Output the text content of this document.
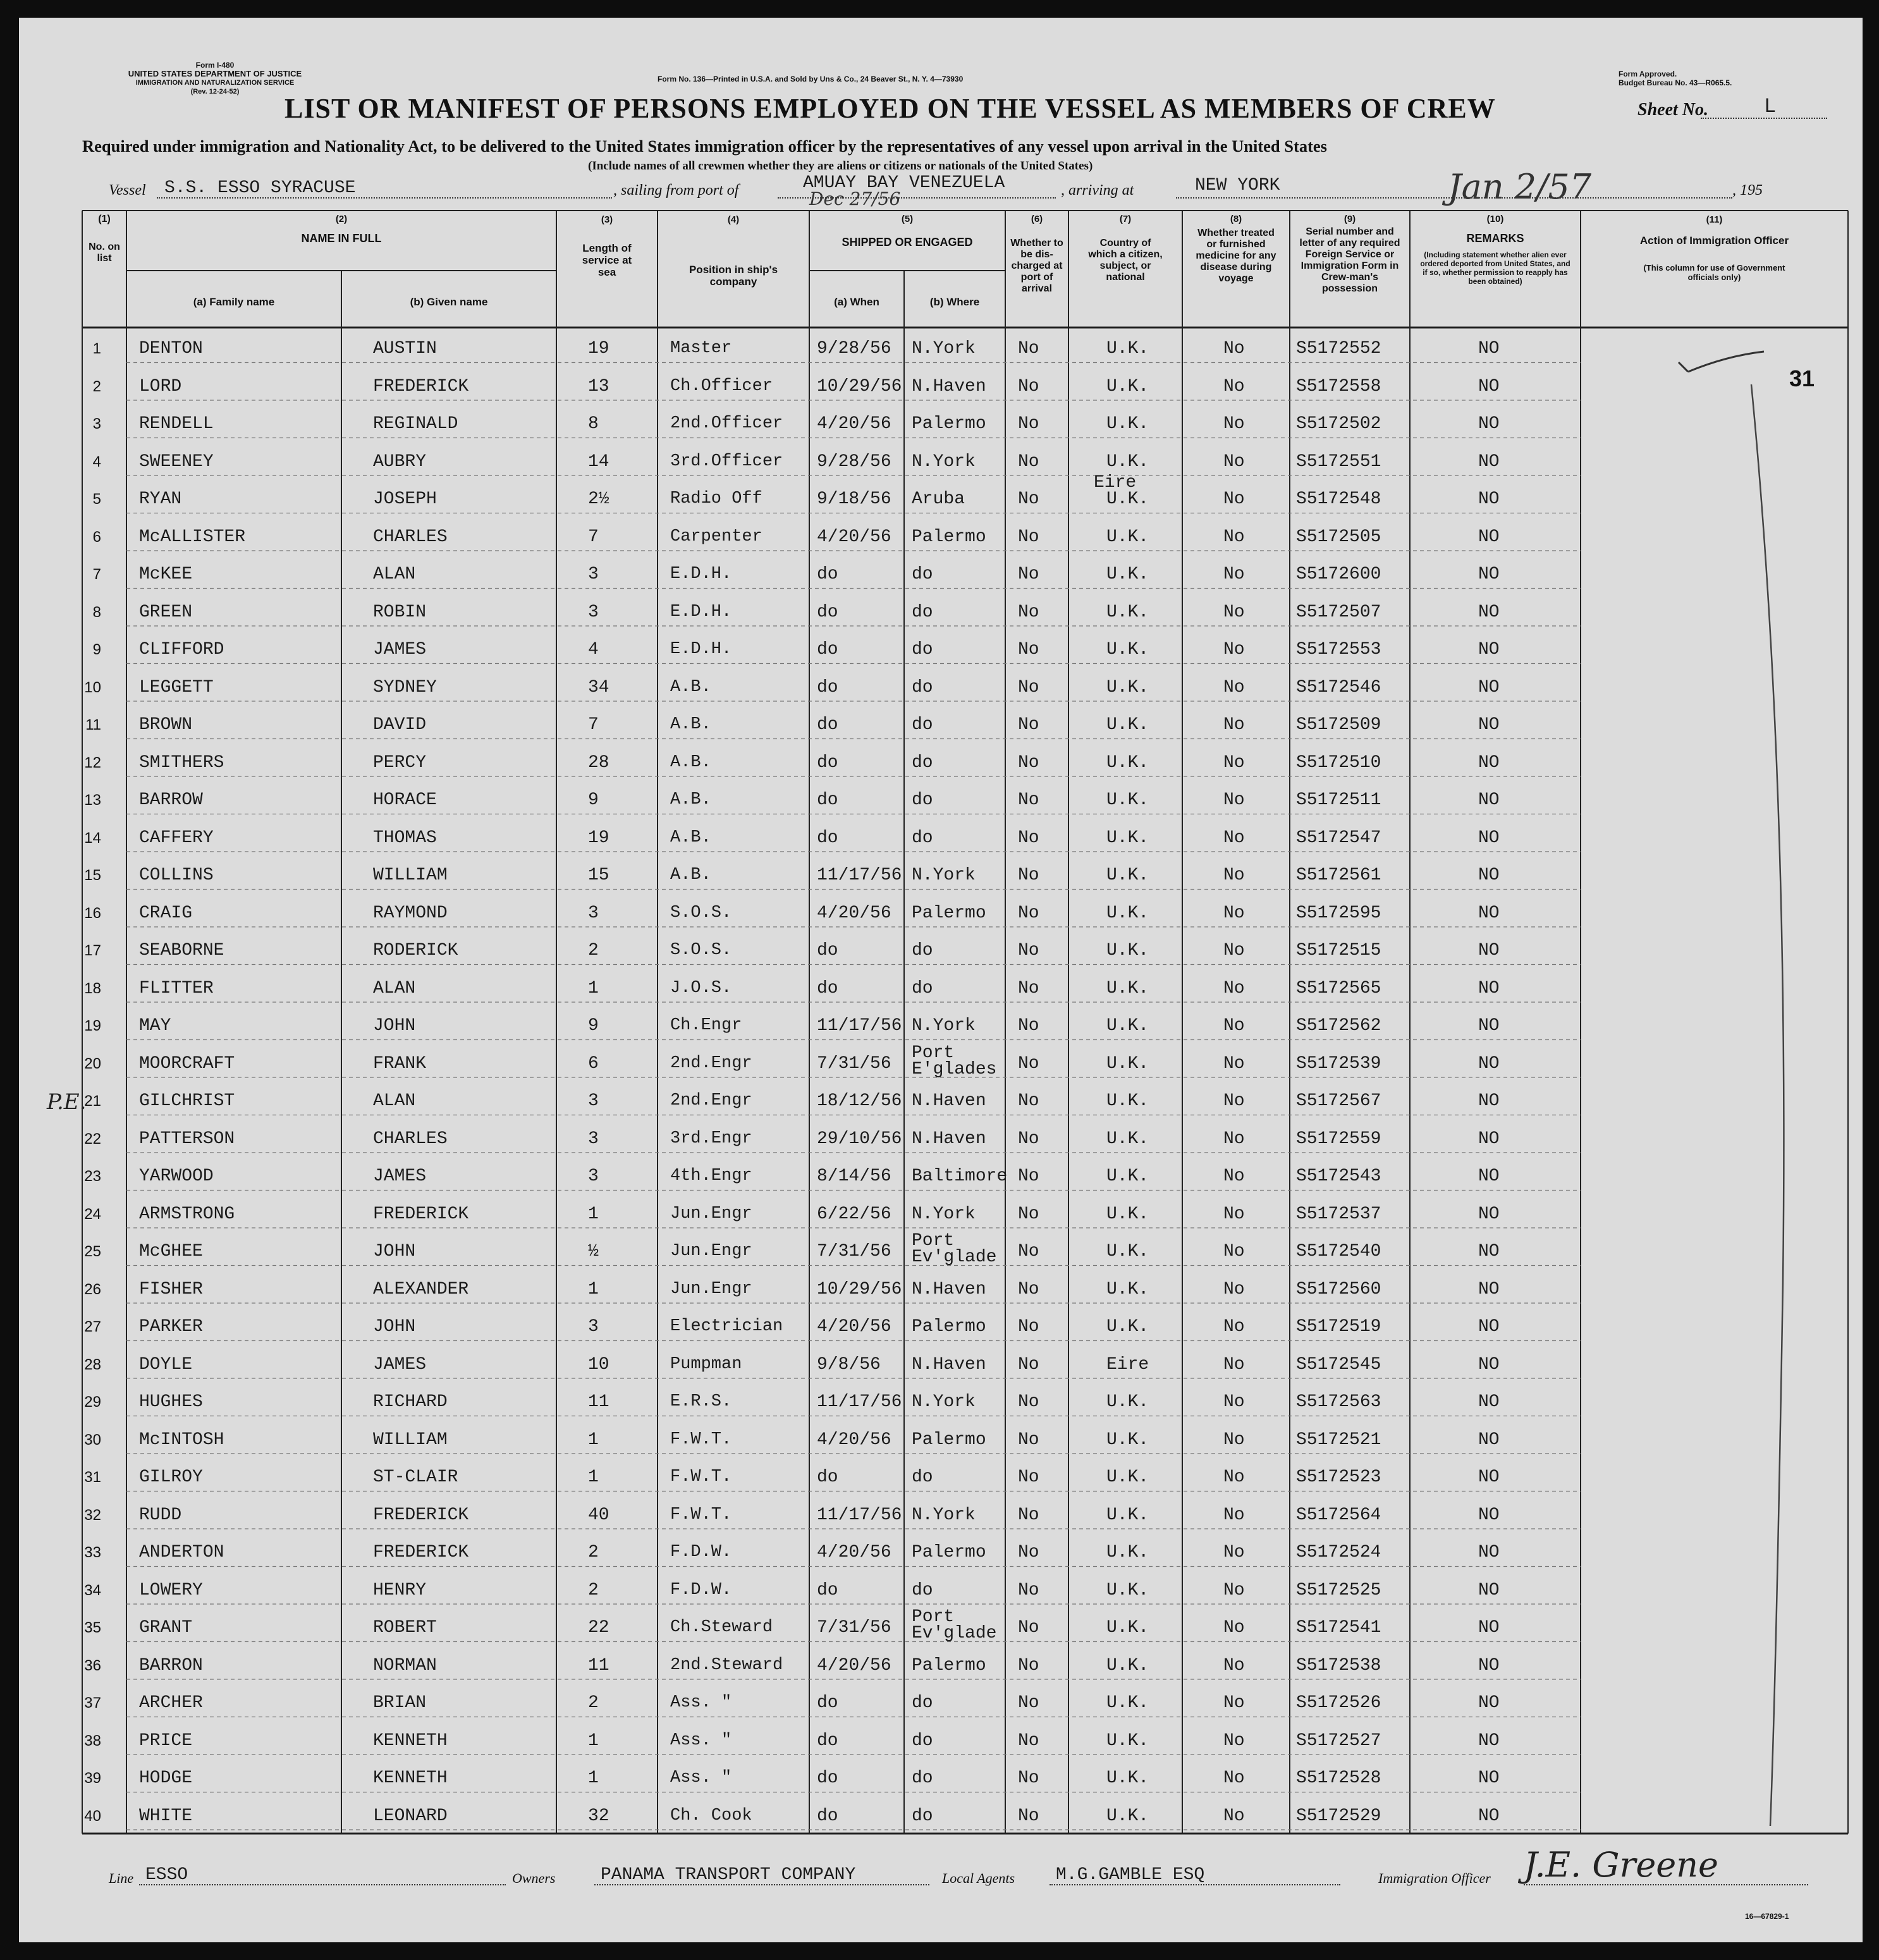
Form I-480
UNITED STATES DEPARTMENT OF JUSTICE
IMMIGRATION AND NATURALIZATION SERVICE
(Rev. 12-24-52)
Form No. 136—Printed in U.S.A. and Sold by Uns & Co., 24 Beaver St., N. Y. 4—73930
Form Approved.
Budget Bureau No. 43—R065.5.
LIST OR MANIFEST OF PERSONS EMPLOYED ON THE VESSEL AS MEMBERS OF CREW	Sheet No.	L
Required under immigration and Nationality Act, to be delivered to the United States immigration officer by the representatives of any vessel upon arrival in the United States
(Include names of all crewmen whether they are aliens or citizens or nationals of the United States)
Vessel S.S. ESSO SYRACUSE	, sailing from port of	AMUAY BAY VENEZUELA
Dec 27/56	, arriving at	NEW YORK	Jan 2/57	, 195
(1)
No. on list
(2)
NAME IN FULL
(a) Family name	(b) Given name
(3)
Length of service at sea
(4)
Position in ship's company
(5)
SHIPPED OR ENGAGED
(a) When	(b) Where
(6)
Whether to be dis-charged at port of arrival
(7)
Country of which a citizen, subject, or national
(8)
Whether treated or furnished medicine for any disease during voyage
(9)
Serial number and letter of any required Foreign Service or Immigration Form in Crew-man's possession
(10)
REMARKS
(Including statement whether alien ever ordered deported from United States, and if so, whether permission to reapply has been obtained)
(11)
Action of Immigration Officer
(This column for use of Government officials only)
1 DENTON	AUSTIN	19	Master	9/28/56 N.York No	U.K.	No	S5172552	NO
2 LORD	FREDERICK	13	Ch.Officer 10/29/56 N.Haven No	U.K.	No	S5172558	NO
3 RENDELL	REGINALD	8	2nd.Officer 4/20/56 Palermo No	U.K.	No	S5172502	NO
4 SWEENEY	AUBRY	14	3rd.Officer 9/28/56 N.York No	U.K.	No	S5172551	NO
5 RYAN	JOSEPH	2½	Radio Off	9/18/56 Aruba	No	U.K.	No	S5172548	NO
Eire
6 McALLISTER	CHARLES	7	Carpenter	4/20/56 Palermo No	U.K.	No	S5172505	NO
7 McKEE	ALAN	3	E.D.H.	do	do	No	U.K.	No	S5172600	NO
8 GREEN	ROBIN	3	E.D.H.	do	do	No	U.K.	No	S5172507	NO
9 CLIFFORD	JAMES	4	E.D.H.	do	do	No	U.K.	No	S5172553	NO
10 LEGGETT	SYDNEY	34	A.B.	do	do	No	U.K.	No	S5172546	NO
11 BROWN	DAVID	7	A.B.	do	do	No	U.K.	No	S5172509	NO
12 SMITHERS	PERCY	28	A.B.	do	do	No	U.K.	No	S5172510	NO
13 BARROW	HORACE	9	A.B.	do	do	No	U.K.	No	S5172511	NO
14 CAFFERY	THOMAS	19	A.B.	do	do	No	U.K.	No	S5172547	NO
15 COLLINS	WILLIAM	15	A.B.	11/17/56 N.York No	U.K.	No	S5172561	NO
16 CRAIG	RAYMOND	3	S.O.S.	4/20/56 Palermo No	U.K.	No	S5172595	NO
17 SEABORNE	RODERICK	2	S.O.S.	do	do	No	U.K.	No	S5172515	NO
18 FLITTER	ALAN	1	J.O.S.	do	do	No	U.K.	No	S5172565	NO
19 MAY	JOHN	9	Ch.Engr	11/17/56 N.York No	U.K.	No	S5172562	NO
20 MOORCRAFT	FRANK	6	2nd.Engr	7/31/56
Port E'glades	No	U.K.	No	S5172539	NO
21 GILCHRIST	ALAN	3	2nd.Engr	18/12/56 N.Haven No	U.K.	No	S5172567	NO
22 PATTERSON	CHARLES	3	3rd.Engr	29/10/56 N.Haven No	U.K.	No	S5172559	NO
23 YARWOOD	JAMES	3	4th.Engr	8/14/56 Baltimore No	U.K.	No	S5172543	NO
24 ARMSTRONG	FREDERICK	1	Jun.Engr	6/22/56 N.York No	U.K.	No	S5172537	NO
25 McGHEE	JOHN	½	Jun.Engr	7/31/56
Port Ev'glade	No	U.K.	No	S5172540	NO
26 FISHER	ALEXANDER	1	Jun.Engr	10/29/56 N.Haven No	U.K.	No	S5172560	NO
27 PARKER	JOHN	3	Electrician 4/20/56 Palermo No	U.K.	No	S5172519	NO
28 DOYLE	JAMES	10	Pumpman	9/8/56 N.Haven No	Eire	No	S5172545	NO
29 HUGHES	RICHARD	11	E.R.S.	11/17/56 N.York No	U.K.	No	S5172563	NO
30 McINTOSH	WILLIAM	1	F.W.T.	4/20/56 Palermo No	U.K.	No	S5172521	NO
31 GILROY	ST-CLAIR	1	F.W.T.	do	do	No	U.K.	No	S5172523	NO
32 RUDD	FREDERICK	40	F.W.T.	11/17/56 N.York No	U.K.	No	S5172564	NO
33 ANDERTON	FREDERICK	2	F.D.W.	4/20/56 Palermo No	U.K.	No	S5172524	NO
34 LOWERY	HENRY	2	F.D.W.	do	do	No	U.K.	No	S5172525	NO
35 GRANT	ROBERT	22	Ch.Steward 7/31/56
Port Ev'glade	No	U.K.	No	S5172541	NO
36 BARRON	NORMAN	11	2nd.Steward 4/20/56 Palermo No	U.K.	No	S5172538	NO
37 ARCHER	BRIAN	2	Ass. "	do	do	No	U.K.	No	S5172526	NO
38 PRICE	KENNETH	1	Ass. "	do	do	No	U.K.	No	S5172527	NO
39 HODGE	KENNETH	1	Ass. "	do	do	No	U.K.	No	S5172528	NO
40 WHITE	LEONARD	32	Ch. Cook	do	do	No	U.K.	No	S5172529	NO
31
P.E.
Line ESSO	Owners	PANAMA TRANSPORT COMPANY	Local Agents M.G.GAMBLE ESQ	Immigration Officer J.E. Greene
16—67829-1
